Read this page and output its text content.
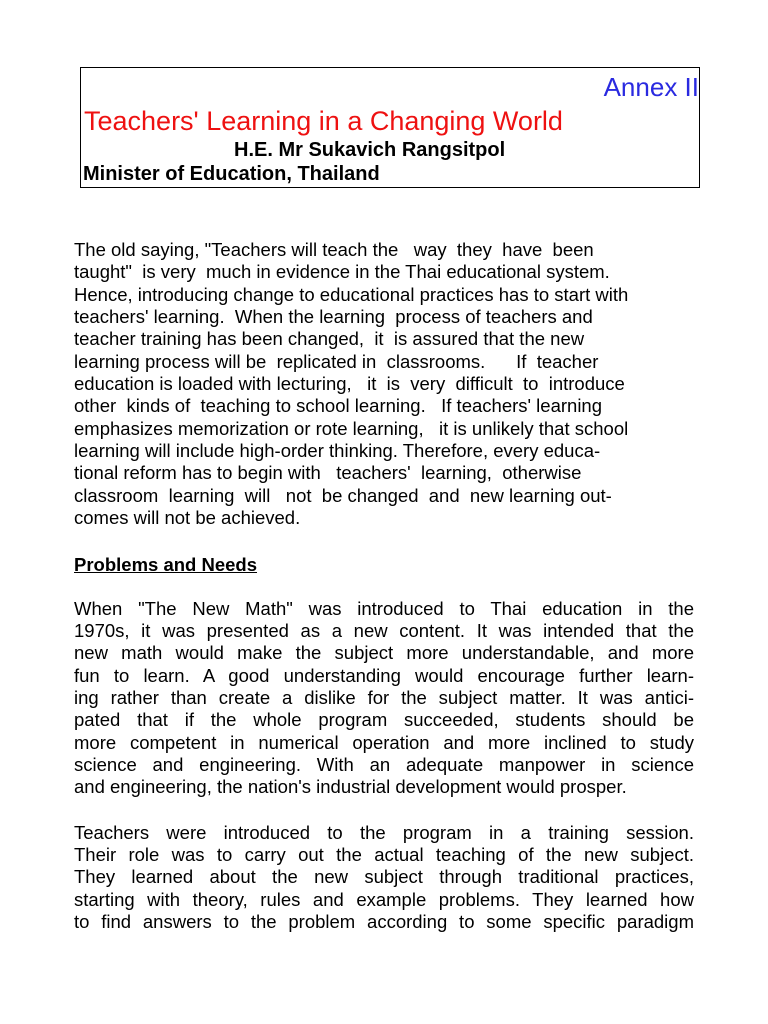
Annex II
Teachers' Learning in a Changing World
H.E. Mr Sukavich Rangsitpol
Minister of Education, Thailand
The old saying, "Teachers will teach the   way  they  have  been
taught"  is very  much in evidence in the Thai educational system.
Hence, introducing change to educational practices has to start with
teachers' learning.  When the learning  process of teachers and
teacher training has been changed,  it  is assured that the new
learning process will be  replicated in  classrooms.      If  teacher
education is loaded with lecturing,   it  is  very  difficult  to  introduce
other  kinds of  teaching to school learning.   If teachers' learning
emphasizes memorization or rote learning,   it is unlikely that school
learning will include high-order thinking. Therefore, every educa-
tional reform has to begin with   teachers'  learning,  otherwise
classroom  learning  will   not  be changed  and  new learning out-
comes will not be achieved.
Problems and Needs
When "The New Math" was introduced to Thai education in the
1970s, it was presented as a new content. It was intended that the
new math would make the subject more understandable, and more
fun to learn. A good understanding would encourage further learn-
ing rather than create a dislike for the subject matter. It was antici-
pated that if the whole program succeeded, students should be
more competent in numerical operation and more inclined to study
science and engineering. With an adequate manpower in science
and engineering, the nation's industrial development would prosper.
Teachers were introduced to the program in a training session.
Their role was to carry out the actual teaching of the new subject.
They learned about the new subject through traditional practices,
starting with theory, rules and example problems. They learned how
to find answers to the problem according to some specific paradigm
